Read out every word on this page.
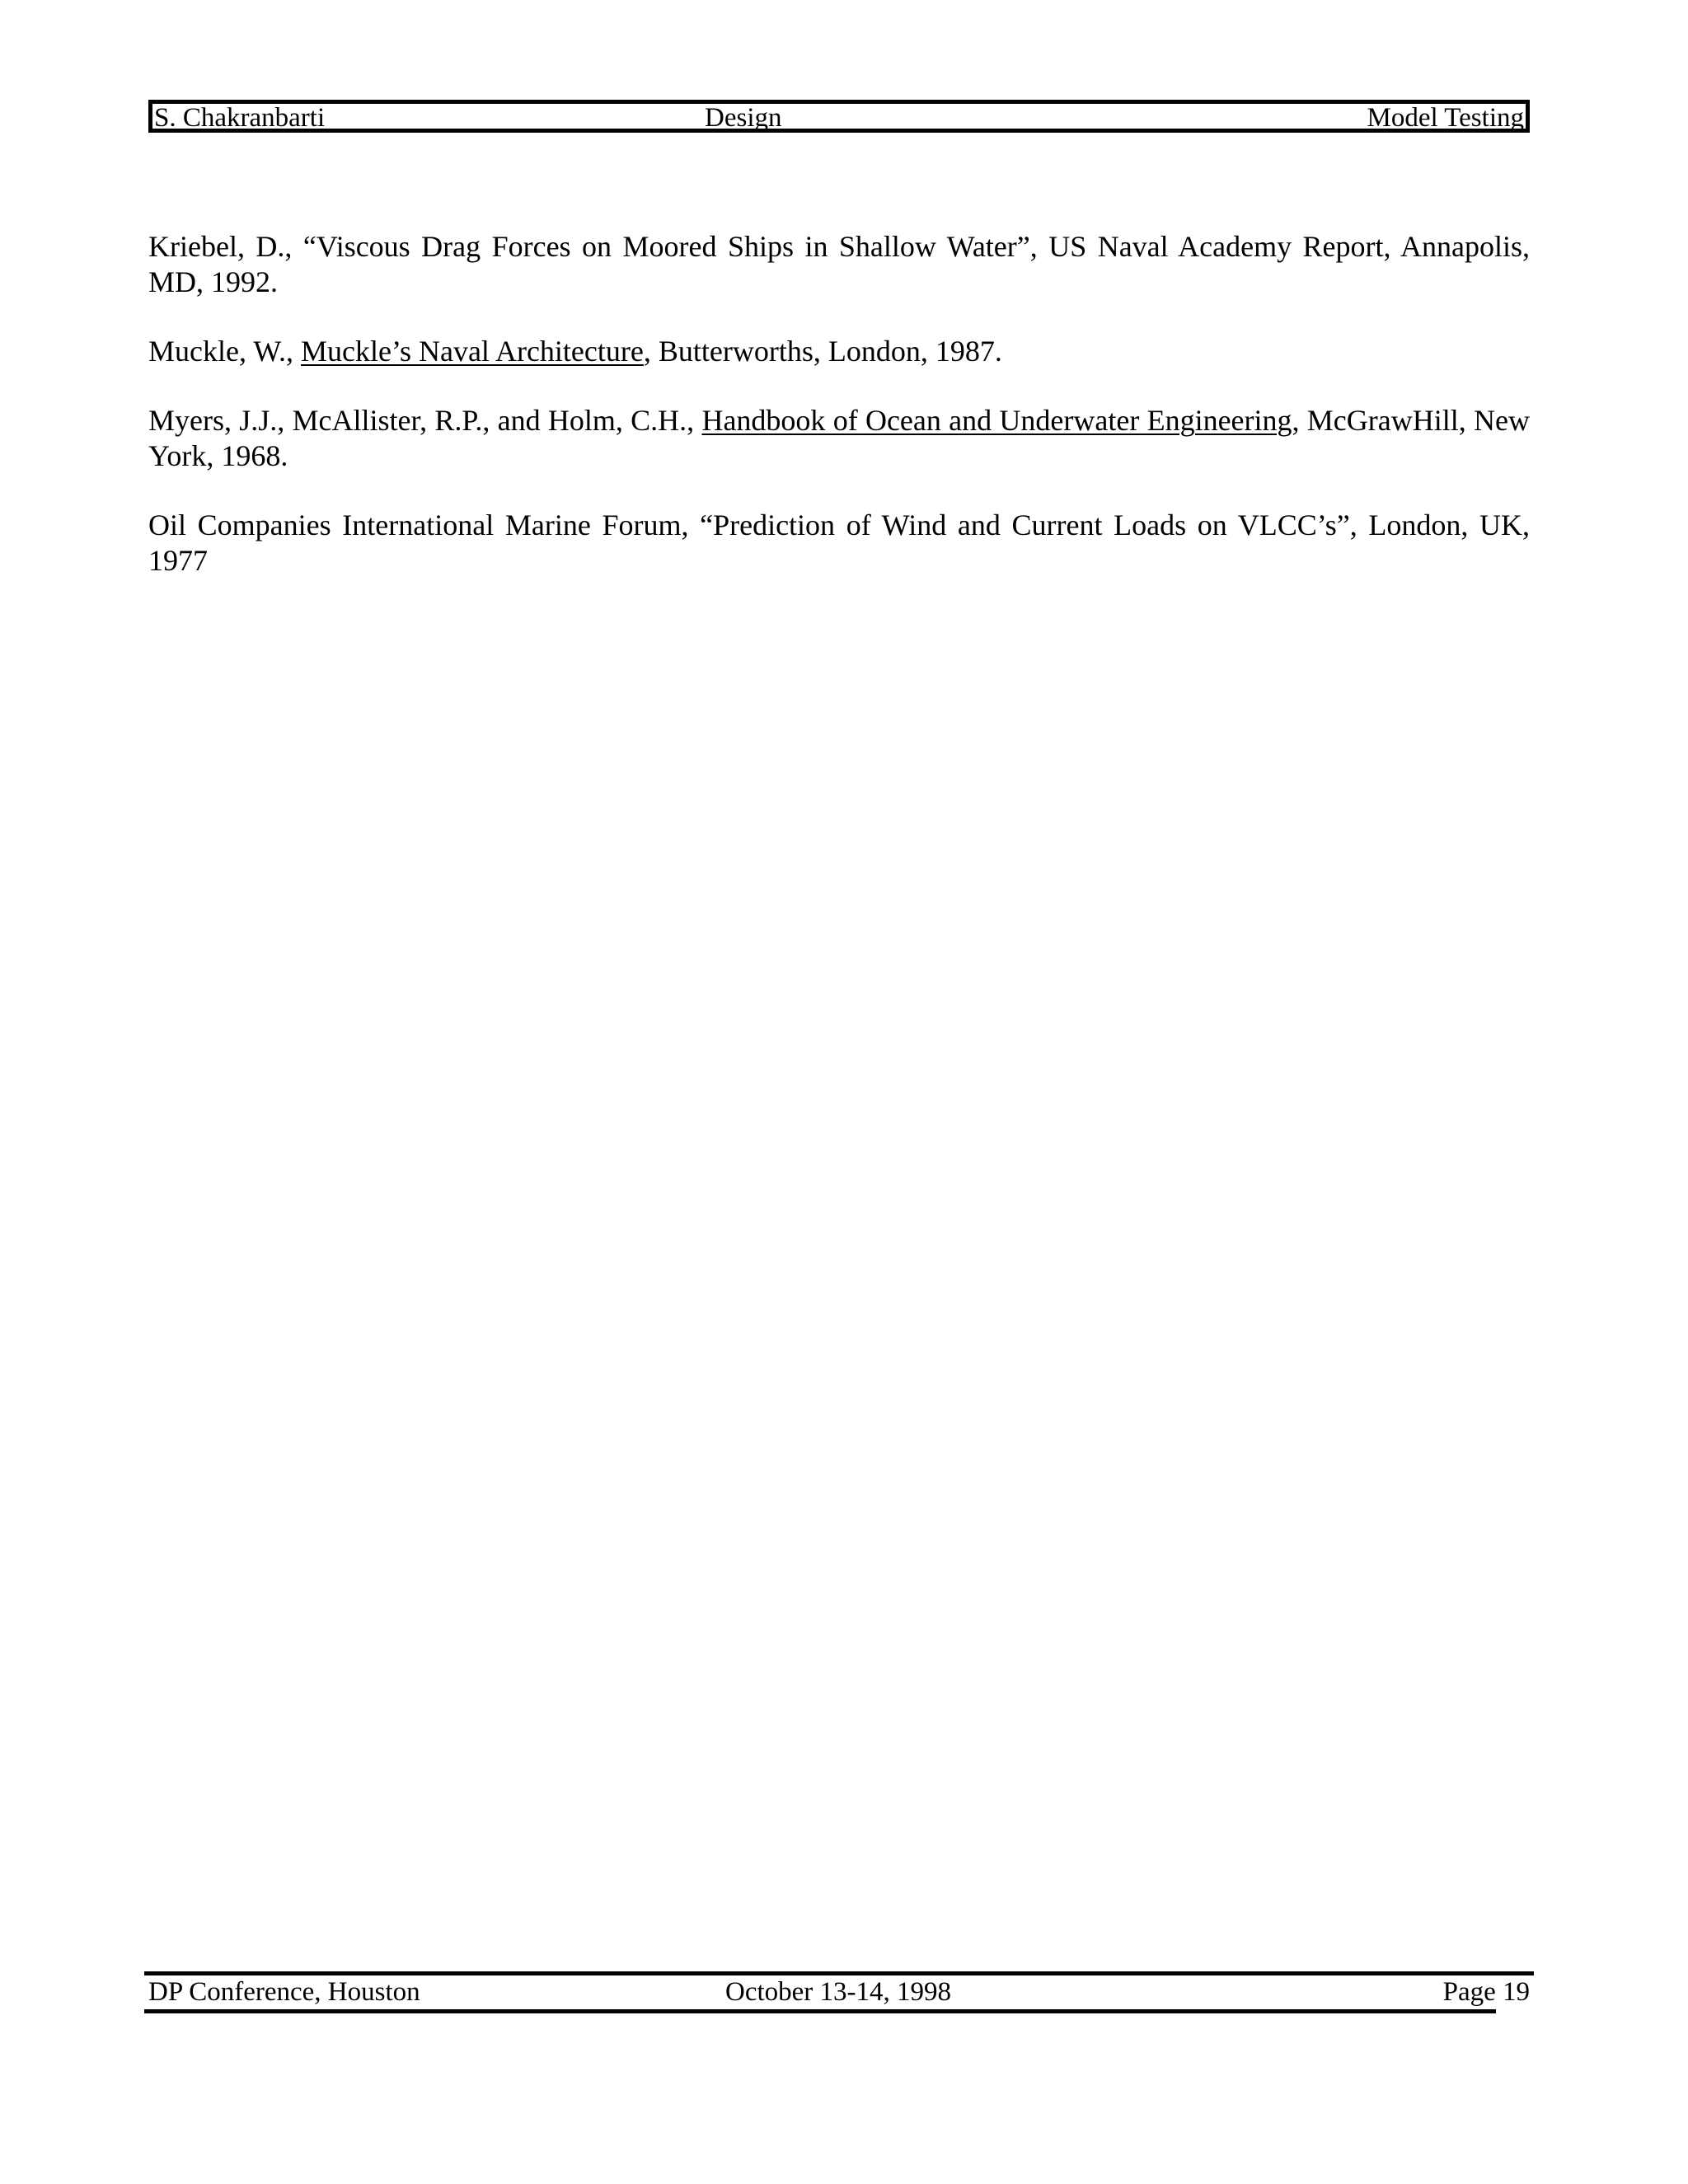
S. Chakranbarti	Design	Model Testing

Kriebel, D., “Viscous Drag Forces on Moored Ships in Shallow Water”, US Naval Academy Report, Annapolis, MD, 1992.

Muckle, W., Muckle’s Naval Architecture, Butterworths, London, 1987.

Myers, J.J., McAllister, R.P., and Holm, C.H., Handbook of Ocean and Underwater Engineering, McGrawHill, New York, 1968.

Oil Companies International Marine Forum, “Prediction of Wind and Current Loads on VLCC’s”, London, UK, 1977

DP Conference, Houston	October 13-14, 1998	Page 19
